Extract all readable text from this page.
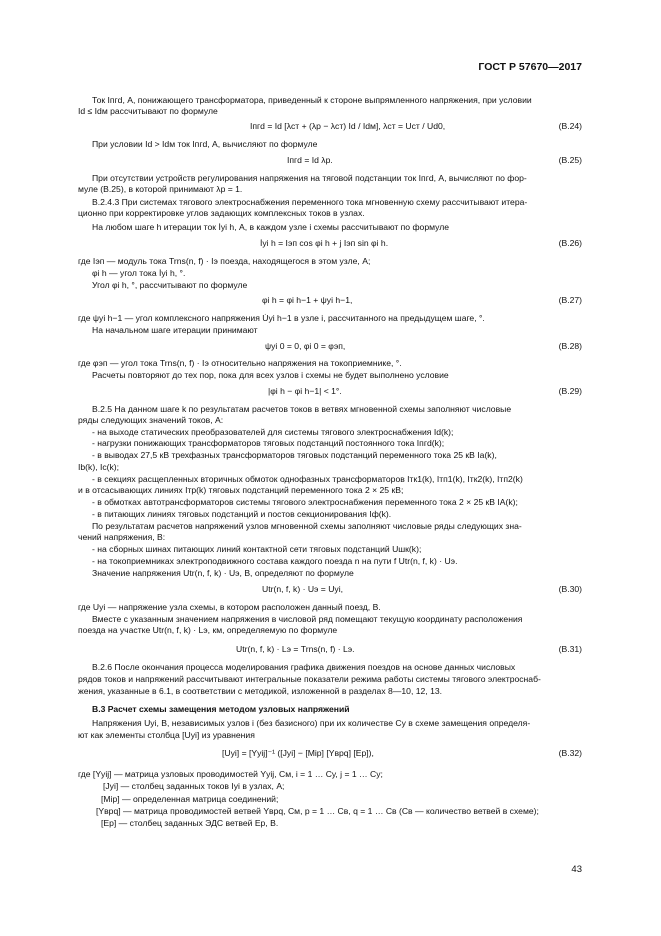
ГОСТ Р 57670—2017
Ток Iпгd, А, понижающего трансформатора, приведенный к стороне выпрямленного напряжения, при условии
Id ≤ Idм рассчитывают по формуле
Iпгd = Id [λст + (λр − λст) Id / Idм], λст = Uст / Ud0,	(В.24)
При условии Id > Idм ток Iпгd, А, вычисляют по формуле
Iпгd = Id λр.	(В.25)
При отсутствии устройств регулирования напряжения на тяговой подстанции ток Iпгd, А, вычисляют по фор-
муле (В.25), в которой принимают λр = 1.
В.2.4.3 При системах тягового электроснабжения переменного тока мгновенную схему рассчитывают итера-
ционно при корректировке углов задающих комплексных токов в узлах.
На любом шаге h итерации ток İуi h, А, в каждом узле i схемы рассчитывают по формуле
İуi h = Iэп cos φi h + j Iэп sin φi h.	(В.26)
где Iэп — модуль тока Trns(n, f) · Iэ поезда, находящегося в этом узле, А;
φi h — угол тока İуi h, °.
Угол φi h, °, рассчитывают по формуле
φi h = φi h−1 + ψуi h−1,	(В.27)
где ψуi h−1 — угол комплексного напряжения U̇уi h−1 в узле i, рассчитанного на предыдущем шаге, °.
На начальном шаге итерации принимают
ψуi 0 = 0, φi 0 = φэп,	(В.28)
где φэп — угол тока Trns(n, f) · Iэ относительно напряжения на токоприемнике, °.
Расчеты повторяют до тех пор, пока для всех узлов i схемы не будет выполнено условие
|φi h − φi h−1| < 1°.	(В.29)
В.2.5 На данном шаге k по результатам расчетов токов в ветвях мгновенной схемы заполняют числовые
ряды следующих значений токов, А:
- на выходе статических преобразователей для системы тягового электроснабжения Id(k);
- нагрузки понижающих трансформаторов тяговых подстанций постоянного тока Iпгd(k);
- в выводах 27,5 кВ трехфазных трансформаторов тяговых подстанций переменного тока 25 кВ Ia(k),
Ib(k), Ic(k);
- в секциях расщепленных вторичных обмоток однофазных трансформаторов Iтк1(k), Iтп1(k), Iтк2(k), Iтп2(k)
и в отсасывающих линиях Iтр(k) тяговых подстанций переменного тока 2 × 25 кВ;
- в обмотках автотрансформаторов системы тягового электроснабжения переменного тока 2 × 25 кВ IА(k);
- в питающих линиях тяговых подстанций и постов секционирования Iф(k).
По результатам расчетов напряжений узлов мгновенной схемы заполняют числовые ряды следующих зна-
чений напряжения, В:
- на сборных шинах питающих линий контактной сети тяговых подстанций Uшк(k);
- на токоприемниках электроподвижного состава каждого поезда n на пути f Utr(n, f, k) · Uэ.
Значение напряжения Utr(n, f, k) · Uэ, В, определяют по формуле
Utr(n, f, k) · Uэ = Uуi,	(В.30)
где Uуi — напряжение узла схемы, в котором расположен данный поезд, В.
Вместе с указанным значением напряжения в числовой ряд помещают текущую координату расположения
поезда на участке Utr(n, f, k) · Lэ, км, определяемую по формуле
Utr(n, f, k) · Lэ = Trns(n, f) · Lэ.	(В.31)
В.2.6 После окончания процесса моделирования графика движения поездов на основе данных числовых
рядов токов и напряжений рассчитывают интегральные показатели режима работы системы тягового электроснаб-
жения, указанные в 6.1, в соответствии с методикой, изложенной в разделах 8—10, 12, 13.
В.3 Расчет схемы замещения методом узловых напряжений
Напряжения Uуi, В, независимых узлов i (без базисного) при их количестве Cу в схеме замещения определя-
ют как элементы столбца [Uуi] из уравнения
[Uуi] = [Yуij]⁻¹ ([Jуi] − [Mip] [Yвpq] [Ep]),	(В.32)
где [Yуij] — матрица узловых проводимостей Yуij, См, i = 1 … Cу, j = 1 … Cу;
[Jуi] — столбец заданных токов Iуi в узлах, А;
[Mip] — определенная матрица соединений;
[Yвpq] — матрица проводимостей ветвей Yвpq, См, p = 1 … Cв, q = 1 … Cв (Cв — количество ветвей в схеме);
[Ep] — столбец заданных ЭДС ветвей Ep, В.
43
